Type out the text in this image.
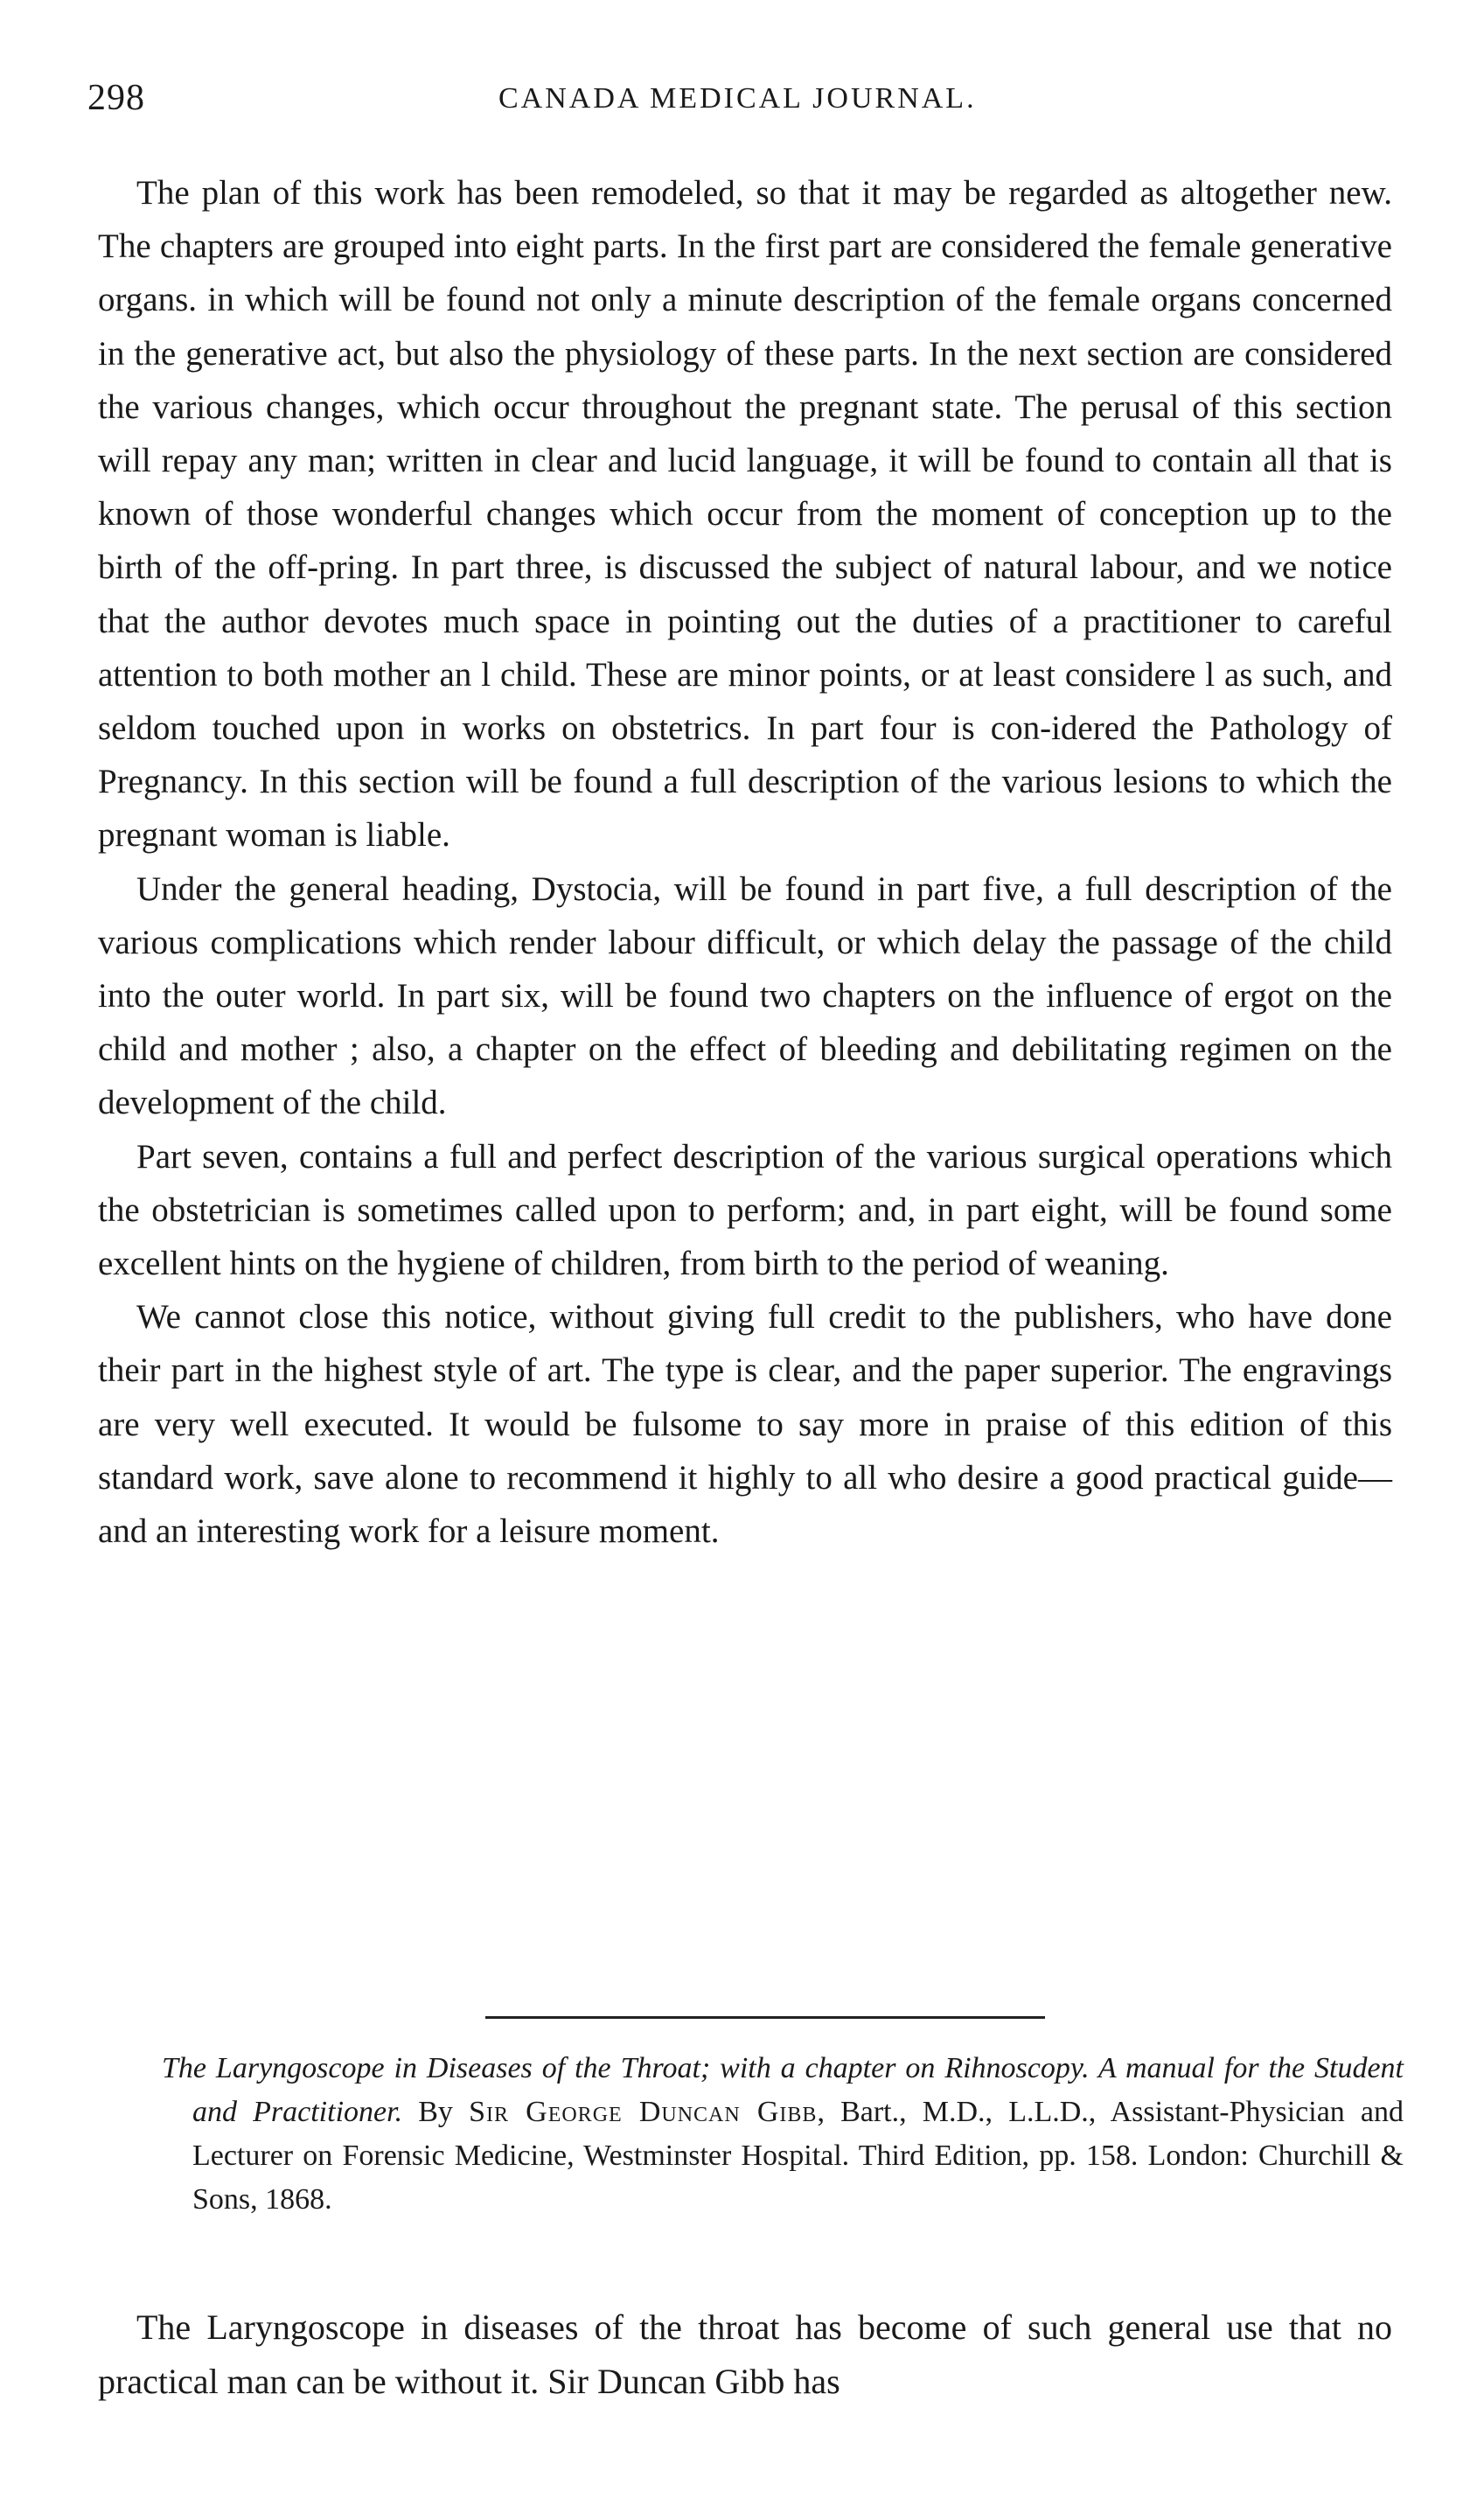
298	CANADA MEDICAL JOURNAL.

The plan of this work has been remodeled, so that it may be regarded as altogether new. The chapters are grouped into eight parts. In the first part are considered the female generative organs. in which will be found not only a minute description of the female organs concerned in the generative act, but also the physiology of these parts. In the next section are considered the various changes, which occur throughout the pregnant state. The perusal of this section will repay any man; written in clear and lucid language, it will be found to contain all that is known of those wonderful changes which occur from the moment of conception up to the birth of the off-pring. In part three, is discussed the subject of natural labour, and we notice that the author devotes much space in pointing out the duties of a practitioner to careful attention to both mother an l child. These are minor points, or at least considere l as such, and seldom touched upon in works on obstetrics. In part four is con-idered the Pathology of Pregnancy. In this section will be found a full description of the various lesions to which the pregnant woman is liable.

Under the general heading, Dystocia, will be found in part five, a full description of the various complications which render labour difficult, or which delay the passage of the child into the outer world. In part six, will be found two chapters on the influence of ergot on the child and mother ; also, a chapter on the effect of bleeding and debilitating regimen on the development of the child.

Part seven, contains a full and perfect description of the various surgical operations which the obstetrician is sometimes called upon to perform; and, in part eight, will be found some excellent hints on the hygiene of children, from birth to the period of weaning.

We cannot close this notice, without giving full credit to the publishers, who have done their part in the highest style of art. The type is clear, and the paper superior. The engravings are very well executed. It would be fulsome to say more in praise of this edition of this standard work, save alone to recommend it highly to all who desire a good practical guide—and an interesting work for a leisure moment.

The Laryngoscope in Diseases of the Throat; with a chapter on Rihnoscopy. A manual for the Student and Practitioner. By Sir George Duncan Gibb, Bart., M.D., L.L.D., Assistant-Physician and Lecturer on Forensic Medicine, Westminster Hospital. Third Edition, pp. 158. London: Churchill & Sons, 1868.

The Laryngoscope in diseases of the throat has become of such general use that no practical man can be without it. Sir Duncan Gibb has
